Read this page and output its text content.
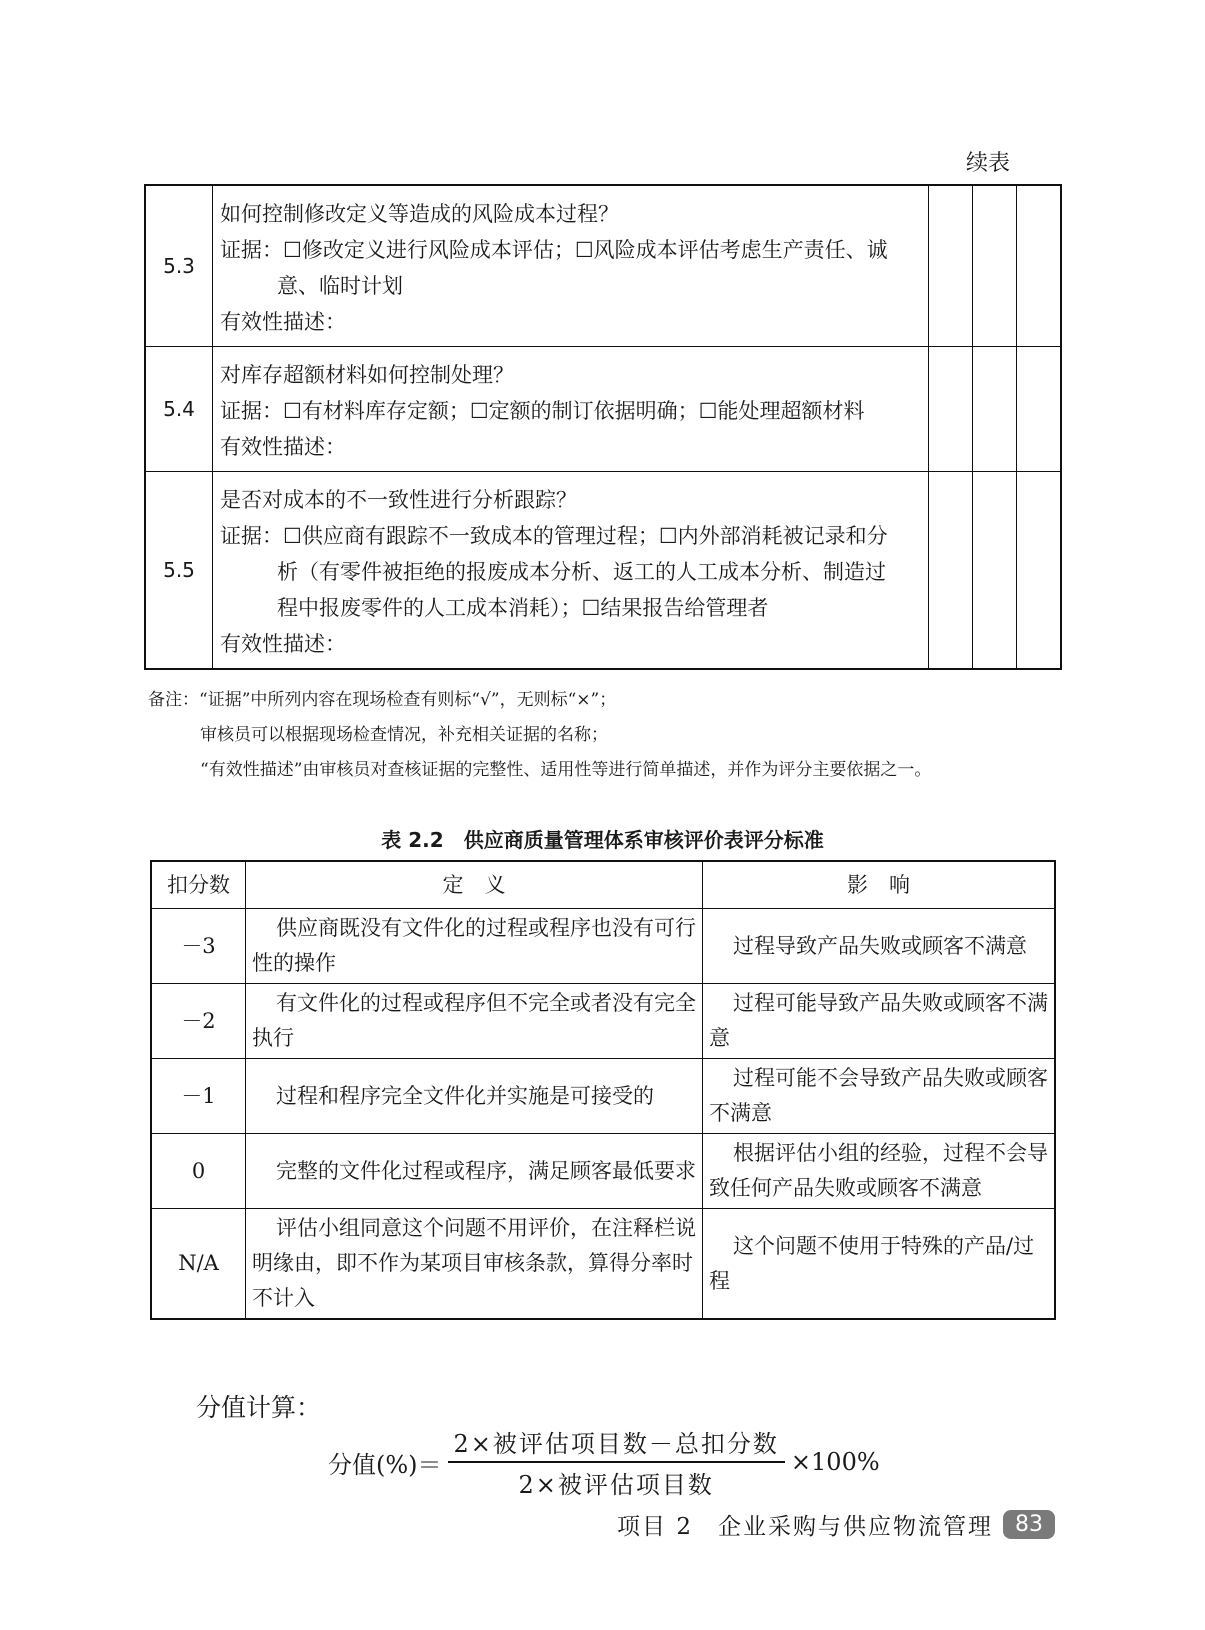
续表
5.3	如何控制修改定义等造成的风险成本过程？
证据：☐修改定义进行风险成本评估；☐风险成本评估考虑生产责任、诚
意、临时计划
有效性描述：			

5.4	对库存超额材料如何控制处理？
证据：☐有材料库存定额；☐定额的制订依据明确；☐能处理超额材料
有效性描述：			

5.5	是否对成本的不一致性进行分析跟踪？
证据：☐供应商有跟踪不一致成本的管理过程；☐内外部消耗被记录和分
析（有零件被拒绝的报废成本分析、返工的人工成本分析、制造过
程中报废零件的人工成本消耗）；☐结果报告给管理者
有效性描述：			

备注：“证据”中所列内容在现场检查有则标“√”，无则标“×”；
审核员可以根据现场检查情况，补充相关证据的名称；
“有效性描述”由审核员对查核证据的完整性、适用性等进行简单描述，并作为评分主要依据之一。
表 2.2　供应商质量管理体系审核评价表评分标准
扣分数	定　义	影　响
－3	供应商既没有文件化的过程或程序也没有可行性的操作	过程导致产品失败或顾客不满意
－2	有文件化的过程或程序但不完全或者没有完全执行	过程可能导致产品失败或顾客不满意
－1	过程和程序完全文件化并实施是可接受的	过程可能不会导致产品失败或顾客不满意
0	完整的文件化过程或程序，满足顾客最低要求	根据评估小组的经验，过程不会导致任何产品失败或顾客不满意
N/A	评估小组同意这个问题不用评价，在注释栏说明缘由，即不作为某项目审核条款，算得分率时不计入	这个问题不使用于特殊的产品/过程
分值计算：
分值(%)＝ $\frac{\text{2×被评估项目数－总扣分数}}{\text{2×被评估项目数}} \times 100\%$
项目 2　企业采购与供应物流管理	83
